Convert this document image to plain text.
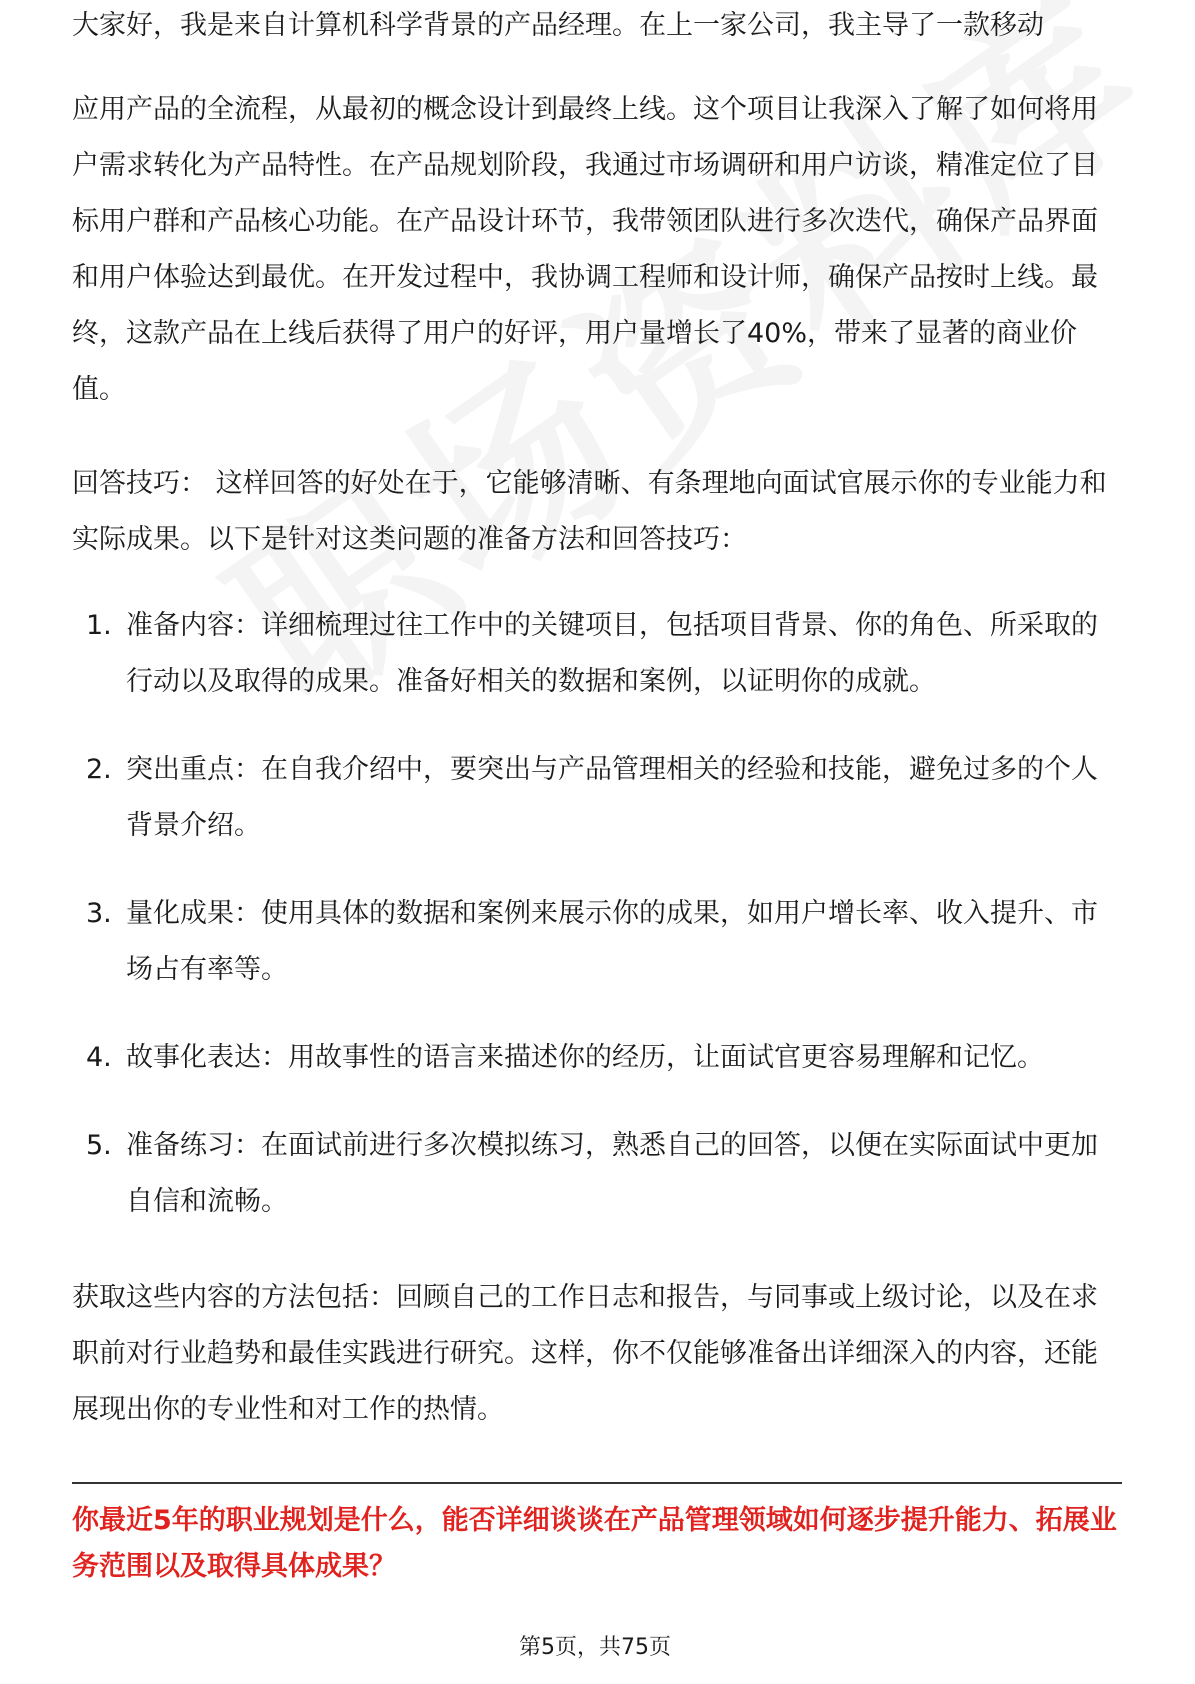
大家好，我是来自计算机科学背景的产品经理。在上一家公司，我主导了一款移动

应用产品的全流程，从最初的概念设计到最终上线。这个项目让我深入了解了如何将用户需求转化为产品特性。在产品规划阶段，我通过市场调研和用户访谈，精准定位了目标用户群和产品核心功能。在产品设计环节，我带领团队进行多次迭代，确保产品界面和用户体验达到最优。在开发过程中，我协调工程师和设计师，确保产品按时上线。最终，这款产品在上线后获得了用户的好评，用户量增长了40%，带来了显著的商业价值。

回答技巧： 这样回答的好处在于，它能够清晰、有条理地向面试官展示你的专业能力和实际成果。以下是针对这类问题的准备方法和回答技巧：

1. 准备内容：详细梳理过往工作中的关键项目，包括项目背景、你的角色、所采取的行动以及取得的成果。准备好相关的数据和案例，以证明你的成就。
2. 突出重点：在自我介绍中，要突出与产品管理相关的经验和技能，避免过多的个人背景介绍。
3. 量化成果：使用具体的数据和案例来展示你的成果，如用户增长率、收入提升、市场占有率等。
4. 故事化表达：用故事性的语言来描述你的经历，让面试官更容易理解和记忆。
5. 准备练习：在面试前进行多次模拟练习，熟悉自己的回答，以便在实际面试中更加自信和流畅。

获取这些内容的方法包括：回顾自己的工作日志和报告，与同事或上级讨论，以及在求职前对行业趋势和最佳实践进行研究。这样，你不仅能够准备出详细深入的内容，还能展现出你的专业性和对工作的热情。

你最近5年的职业规划是什么，能否详细谈谈在产品管理领域如何逐步提升能力、拓展业务范围以及取得具体成果？
第5页，共75页
